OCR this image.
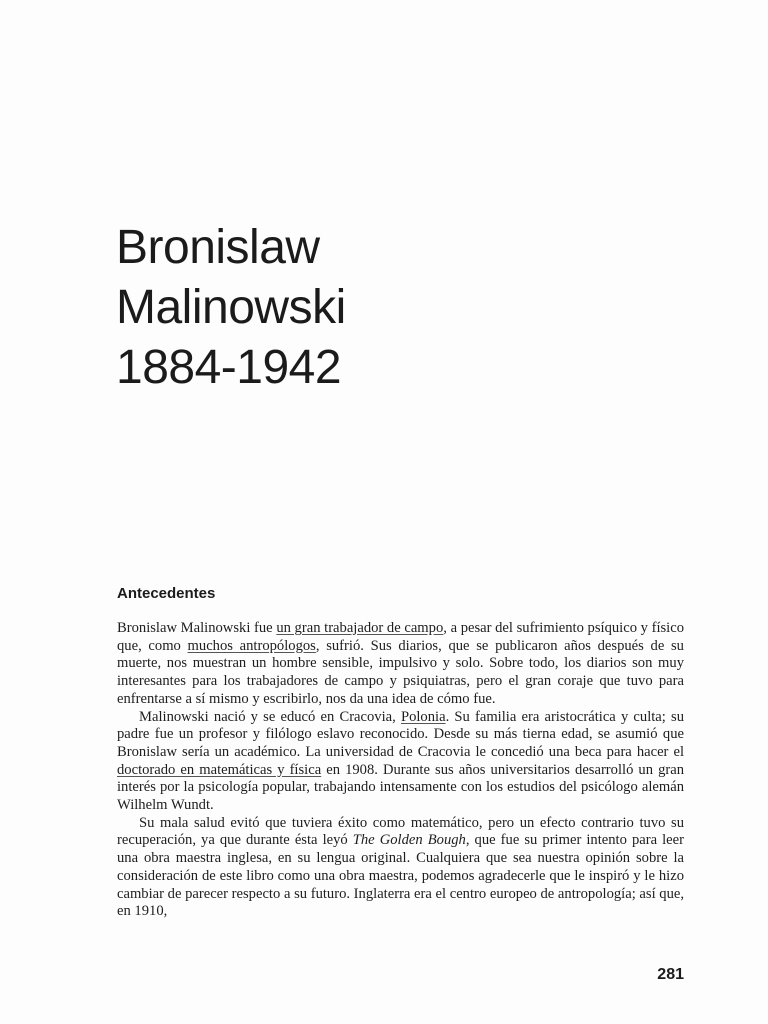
Bronislaw
Malinowski
1884-1942
Antecedentes

Bronislaw Malinowski fue un gran trabajador de campo, a pesar del sufrimiento psíquico y físico que, como muchos antropólogos, sufrió. Sus diarios, que se publicaron años después de su muerte, nos muestran un hombre sensible, impulsivo y solo. Sobre todo, los diarios son muy interesantes para los trabajadores de campo y psiquiatras, pero el gran coraje que tuvo para enfrentarse a sí mismo y escribirlo, nos da una idea de cómo fue.

Malinowski nació y se educó en Cracovia, Polonia. Su familia era aristocrática y culta; su padre fue un profesor y filólogo eslavo reconocido. Desde su más tierna edad, se asumió que Bronislaw sería un académico. La universidad de Cracovia le concedió una beca para hacer el doctorado en matemáticas y física en 1908. Durante sus años universitarios desarrolló un gran interés por la psicología popular, trabajando intensamente con los estudios del psicólogo alemán Wilhelm Wundt.

Su mala salud evitó que tuviera éxito como matemático, pero un efecto contrario tuvo su recuperación, ya que durante ésta leyó The Golden Bough, que fue su primer intento para leer una obra maestra inglesa, en su lengua original. Cualquiera que sea nuestra opinión sobre la consideración de este libro como una obra maestra, podemos agradecerle que le inspiró y le hizo cambiar de parecer respecto a su futuro. Inglaterra era el centro europeo de antropología; así que, en 1910,

281
